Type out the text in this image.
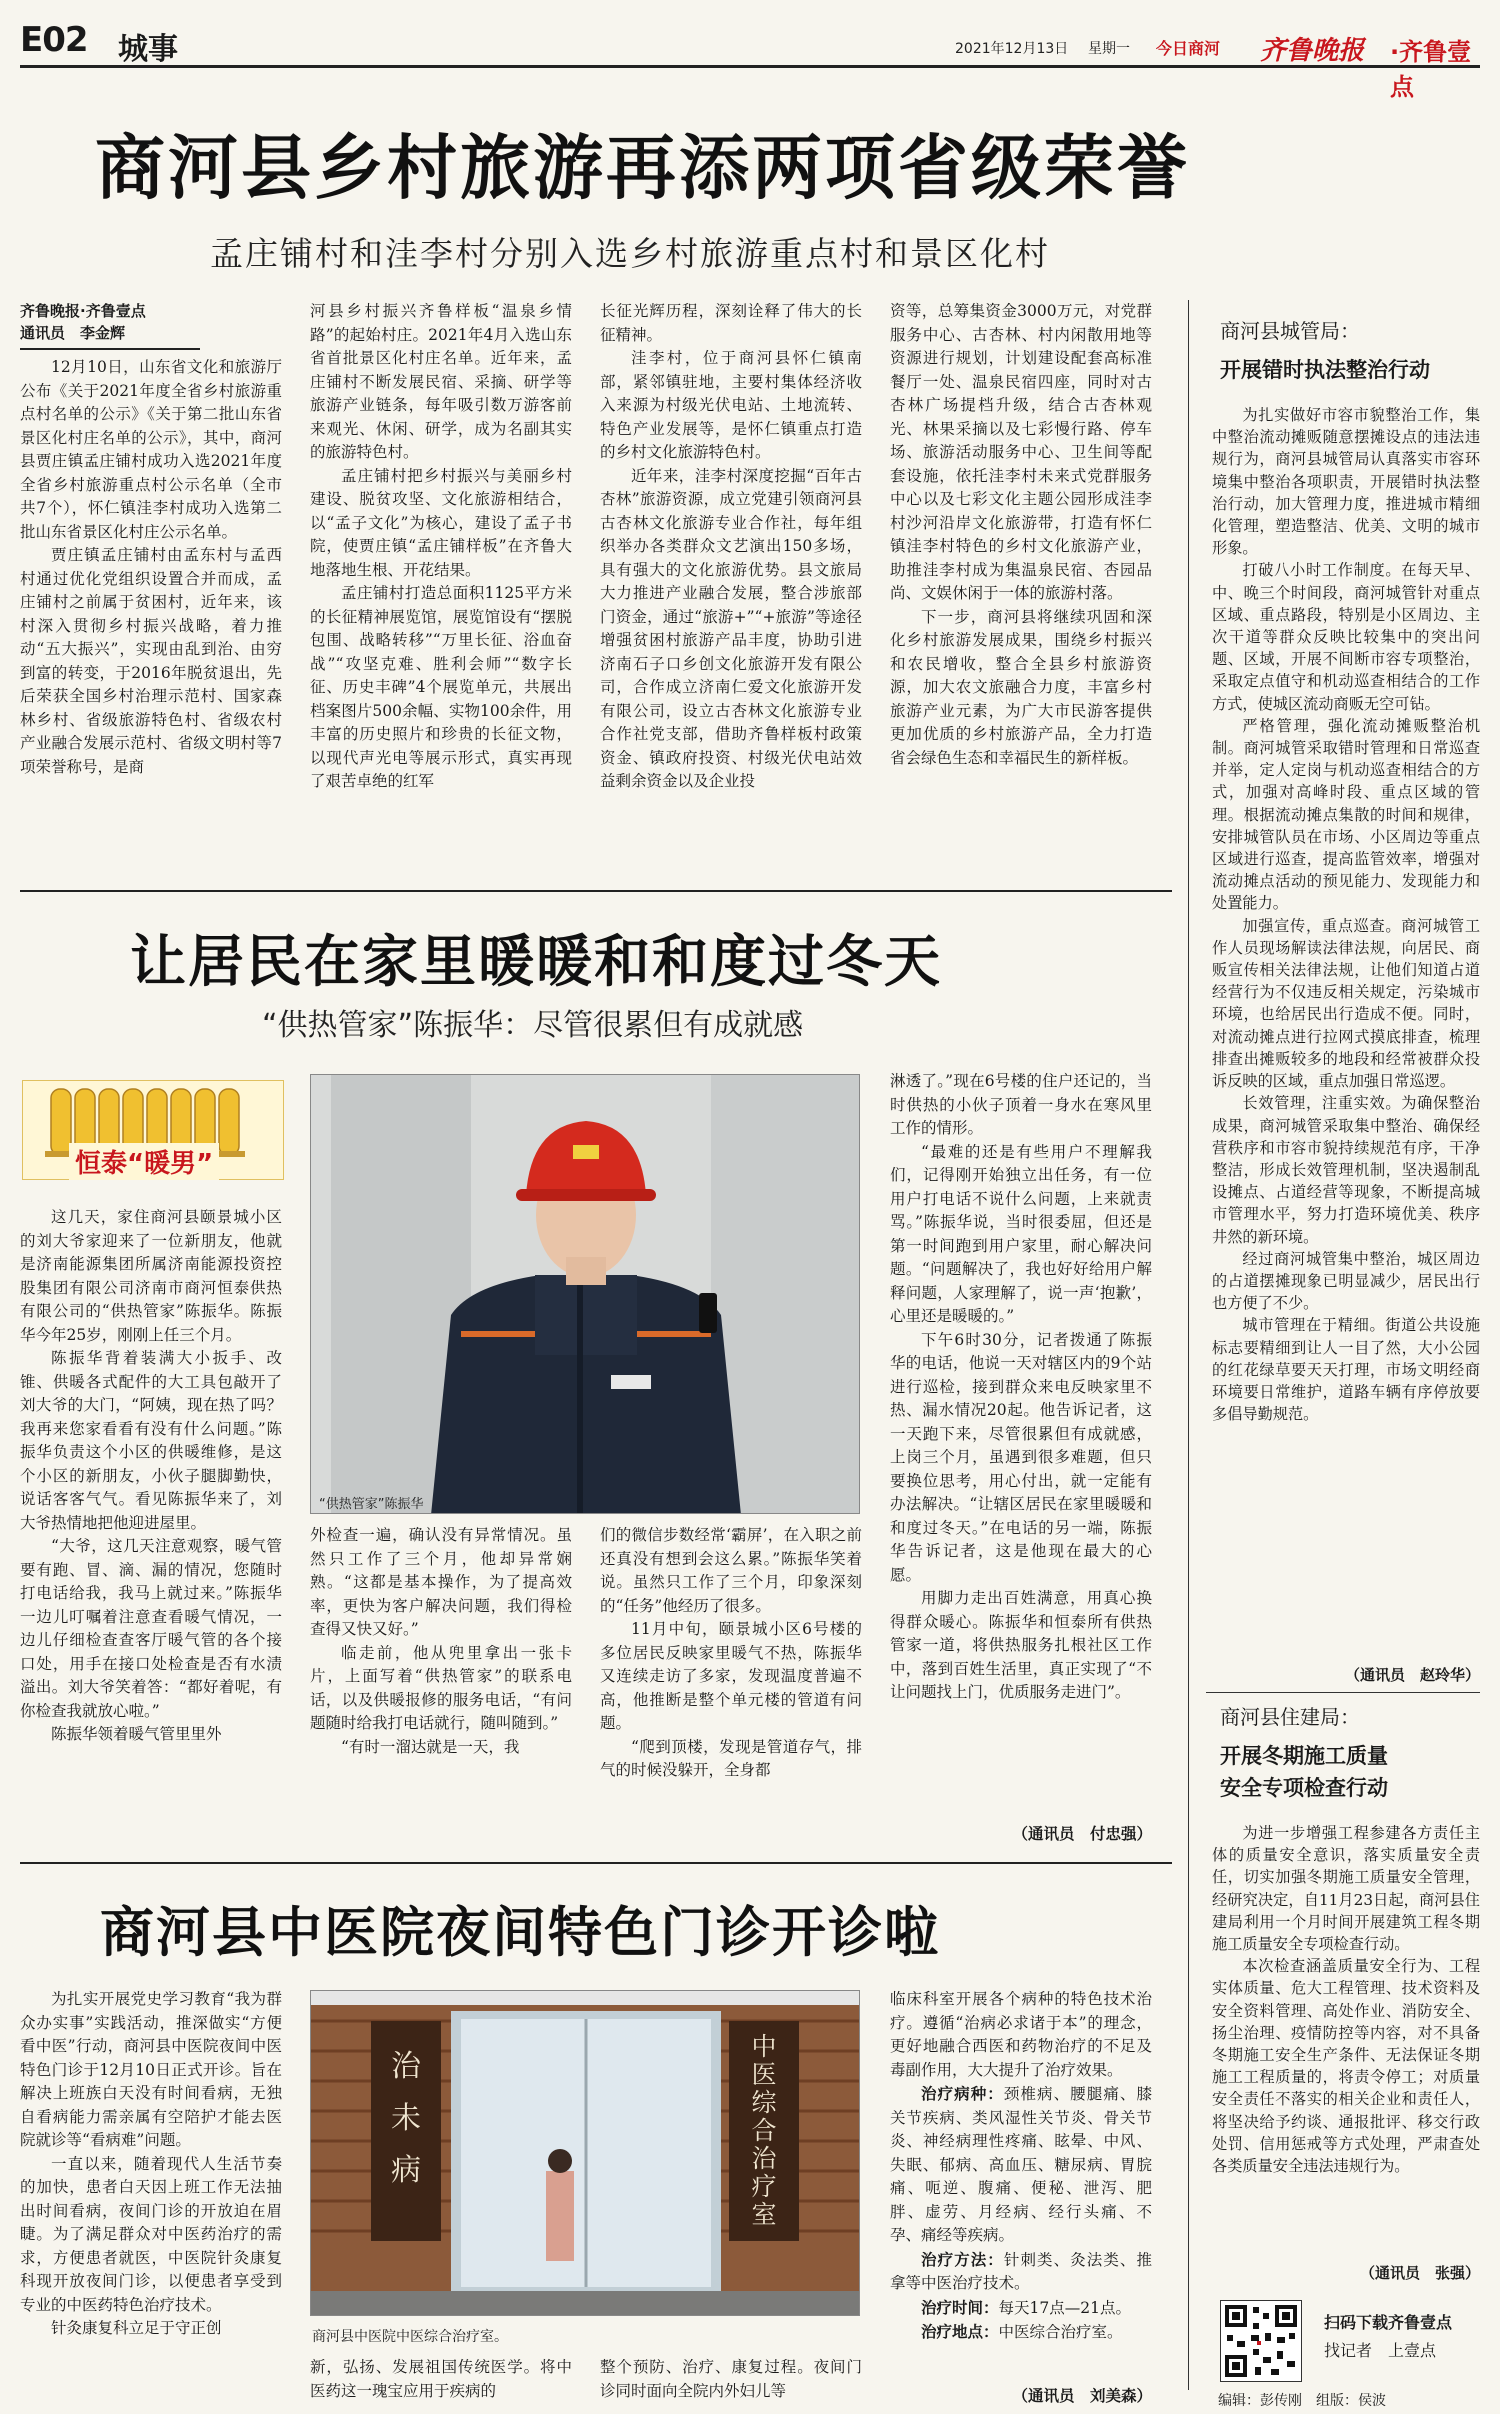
E02 城事	2021年12月13日 星期一 今日商河 齐鲁晚报 ·齐鲁壹点
商河县乡村旅游再添两项省级荣誉
孟庄铺村和洼李村分别入选乡村旅游重点村和景区化村
齐鲁晚报·齐鲁壹点
通讯员　李金辉

12月10日，山东省文化和旅游厅公布《关于2021年度全省乡村旅游重点村名单的公示》《关于第二批山东省景区化村庄名单的公示》，其中，商河县贾庄镇孟庄铺村成功入选2021年度全省乡村旅游重点村公示名单（全市共7个），怀仁镇洼李村成功入选第二批山东省景区化村庄公示名单。

贾庄镇孟庄铺村由孟东村与孟西村通过优化党组织设置合并而成，孟庄铺村之前属于贫困村，近年来，该村深入贯彻乡村振兴战略，着力推动“五大振兴”，实现由乱到治、由穷到富的转变，于2016年脱贫退出，先后荣获全国乡村治理示范村、国家森林乡村、省级旅游特色村、省级农村产业融合发展示范村、省级文明村等7项荣誉称号，是商

河县乡村振兴齐鲁样板“温泉乡情路”的起始村庄。2021年4月入选山东省首批景区化村庄名单。近年来，孟庄铺村不断发展民宿、采摘、研学等旅游产业链条，每年吸引数万游客前来观光、休闲、研学，成为名副其实的旅游特色村。

孟庄铺村把乡村振兴与美丽乡村建设、脱贫攻坚、文化旅游相结合，以“孟子文化”为核心，建设了孟子书院，使贾庄镇“孟庄铺样板”在齐鲁大地落地生根、开花结果。

孟庄铺村打造总面积1125平方米的长征精神展览馆，展览馆设有“摆脱包围、战略转移”“万里长征、浴血奋战”“攻坚克难、胜利会师”“数字长征、历史丰碑”4个展览单元，共展出档案图片500余幅、实物100余件，用丰富的历史照片和珍贵的长征文物，以现代声光电等展示形式，真实再现了艰苦卓绝的红军

长征光辉历程，深刻诠释了伟大的长征精神。

洼李村，位于商河县怀仁镇南部，紧邻镇驻地，主要村集体经济收入来源为村级光伏电站、土地流转、特色产业发展等，是怀仁镇重点打造的乡村文化旅游特色村。

近年来，洼李村深度挖掘“百年古杏林”旅游资源，成立党建引领商河县古杏林文化旅游专业合作社，每年组织举办各类群众文艺演出150多场，具有强大的文化旅游优势。县文旅局大力推进产业融合发展，整合涉旅部门资金，通过“旅游+”“+旅游”等途径增强贫困村旅游产品丰度，协助引进济南石子口乡创文化旅游开发有限公司，合作成立济南仁爱文化旅游开发有限公司，设立古杏林文化旅游专业合作社党支部，借助齐鲁样板村政策资金、镇政府投资、村级光伏电站效益剩余资金以及企业投

资等，总筹集资金3000万元，对党群服务中心、古杏林、村内闲散用地等资源进行规划，计划建设配套高标准餐厅一处、温泉民宿四座，同时对古杏林广场提档升级，结合古杏林观光、林果采摘以及七彩慢行路、停车场、旅游活动服务中心、卫生间等配套设施，依托洼李村未来式党群服务中心以及七彩文化主题公园形成洼李村沙河沿岸文化旅游带，打造有怀仁镇洼李村特色的乡村文化旅游产业，助推洼李村成为集温泉民宿、杏园品尚、文娱休闲于一体的旅游村落。

下一步，商河县将继续巩固和深化乡村旅游发展成果，围绕乡村振兴和农民增收，整合全县乡村旅游资源，加大农文旅融合力度，丰富乡村旅游产业元素，为广大市民游客提供更加优质的乡村旅游产品，全力打造省会绿色生态和幸福民生的新样板。

让居民在家里暖暖和和度过冬天
“供热管家”陈振华：尽管很累但有成就感
恒泰“暖男”

这几天，家住商河县颐景城小区的刘大爷家迎来了一位新朋友，他就是济南能源集团所属济南能源投资控股集团有限公司济南市商河恒泰供热有限公司的“供热管家”陈振华。陈振华今年25岁，刚刚上任三个月。

陈振华背着装满大小扳手、改锥、供暖各式配件的大工具包敲开了刘大爷的大门，“阿姨，现在热了吗？我再来您家看看有没有什么问题。”陈振华负责这个小区的供暖维修，是这个小区的新朋友，小伙子腿脚勤快，说话客客气气。看见陈振华来了，刘大爷热情地把他迎进屋里。

“大爷，这几天注意观察，暖气管要有跑、冒、滴、漏的情况，您随时打电话给我，我马上就过来。”陈振华一边儿叮嘱着注意查看暖气情况，一边儿仔细检查查客厅暖气管的各个接口处，用手在接口处检查是否有水渍溢出。刘大爷笑着答：“都好着呢，有你检查我就放心啦。”

陈振华领着暖气管里里外

“供热管家”陈振华

外检查一遍，确认没有异常情况。虽然只工作了三个月，他却异常娴熟。“这都是基本操作，为了提高效率，更快为客户解决问题，我们得检查得又快又好。”

临走前，他从兜里拿出一张卡片，上面写着“供热管家”的联系电话，以及供暖报修的服务电话，“有问题随时给我打电话就行，随叫随到。”

“有时一溜达就是一天，我

们的微信步数经常‘霸屏’，在入职之前还真没有想到会这么累。”陈振华笑着说。虽然只工作了三个月，印象深刻的“任务”他经历了很多。

11月中旬，颐景城小区6号楼的多位居民反映家里暖气不热，陈振华又连续走访了多家，发现温度普遍不高，他推断是整个单元楼的管道有问题。

“爬到顶楼，发现是管道存气，排气的时候没躲开，全身都

淋透了。”现在6号楼的住户还记的，当时供热的小伙子顶着一身水在寒风里工作的情形。

“最难的还是有些用户不理解我们，记得刚开始独立出任务，有一位用户打电话不说什么问题，上来就责骂。”陈振华说，当时很委屈，但还是第一时间跑到用户家里，耐心解决问题。“问题解决了，我也好好给用户解释问题，人家理解了，说一声‘抱歉’，心里还是暖暖的。”

下午6时30分，记者拨通了陈振华的电话，他说一天对辖区内的9个站进行巡检，接到群众来电反映家里不热、漏水情况20起。他告诉记者，这一天跑下来，尽管很累但有成就感，上岗三个月，虽遇到很多难题，但只要换位思考，用心付出，就一定能有办法解决。“让辖区居民在家里暖暖和和度过冬天。”在电话的另一端，陈振华告诉记者，这是他现在最大的心愿。

用脚力走出百姓满意，用真心换得群众暖心。陈振华和恒泰所有供热管家一道，将供热服务扎根社区工作中，落到百姓生活里，真正实现了“不让问题找上门，优质服务走进门”。

（通讯员　付忠强）
商河县中医院夜间特色门诊开诊啦

为扎实开展党史学习教育“我为群众办实事”实践活动，推深做实“方便看中医”行动，商河县中医院夜间中医特色门诊于12月10日正式开诊。旨在解决上班族白天没有时间看病，无独自看病能力需亲属有空陪护才能去医院就诊等“看病难”问题。

一直以来，随着现代人生活节奏的加快，患者白天因上班工作无法抽出时间看病，夜间门诊的开放迫在眉睫。为了满足群众对中医药治疗的需求，方便患者就医，中医院针灸康复科现开放夜间门诊，以便患者享受到专业的中医药特色治疗技术。

针灸康复科立足于守正创

治未病
中医综合治疗室
商河县中医院中医综合治疗室。

新，弘扬、发展祖国传统医学。将中医药这一瑰宝应用于疾病的

整个预防、治疗、康复过程。夜间门诊同时面向全院内外妇儿等

临床科室开展各个病种的特色技术治疗。遵循“治病必求诸于本”的理念，更好地融合西医和药物治疗的不足及毒副作用，大大提升了治疗效果。

治疗病种：颈椎病、腰腿痛、膝关节疾病、类风湿性关节炎、骨关节炎、神经病理性疼痛、眩晕、中风、失眠、郁病、高血压、糖尿病、胃脘痛、呃逆、腹痛、便秘、泄泻、肥胖、虚劳、月经病、经行头痛、不孕、痛经等疾病。

治疗方法：针刺类、灸法类、推拿等中医治疗技术。

治疗时间：每天17点—21点。

治疗地点：中医综合治疗室。

（通讯员　刘美森）
商河县城管局：
开展错时执法整治行动

为扎实做好市容市貌整治工作，集中整治流动摊贩随意摆摊设点的违法违规行为，商河县城管局认真落实市容环境集中整治各项职责，开展错时执法整治行动，加大管理力度，推进城市精细化管理，塑造整洁、优美、文明的城市形象。

打破八小时工作制度。在每天早、中、晚三个时间段，商河城管针对重点区域、重点路段，特别是小区周边、主次干道等群众反映比较集中的突出问题、区域，开展不间断市容专项整治，采取定点值守和机动巡查相结合的工作方式，使城区流动商贩无空可钻。

严格管理，强化流动摊贩整治机制。商河城管采取错时管理和日常巡查并举，定人定岗与机动巡查相结合的方式，加强对高峰时段、重点区域的管理。根据流动摊点集散的时间和规律，安排城管队员在市场、小区周边等重点区域进行巡查，提高监管效率，增强对流动摊点活动的预见能力、发现能力和处置能力。

加强宣传，重点巡查。商河城管工作人员现场解读法律法规，向居民、商贩宣传相关法律法规，让他们知道占道经营行为不仅违反相关规定，污染城市环境，也给居民出行造成不便。同时，对流动摊点进行拉网式摸底排查，梳理排查出摊贩较多的地段和经常被群众投诉反映的区域，重点加强日常巡逻。

长效管理，注重实效。为确保整治成果，商河城管采取集中整治、确保经营秩序和市容市貌持续规范有序，干净整洁，形成长效管理机制，坚决遏制乱设摊点、占道经营等现象，不断提高城市管理水平，努力打造环境优美、秩序井然的新环境。

经过商河城管集中整治，城区周边的占道摆摊现象已明显减少，居民出行也方便了不少。

城市管理在于精细。街道公共设施标志要精细到让人一目了然，大小公园的红花绿草要天天打理，市场文明经商环境要日常维护，道路车辆有序停放要多倡导勤规范。

（通讯员　赵玲华）
商河县住建局：
开展冬期施工质量
安全专项检查行动

为进一步增强工程参建各方责任主体的质量安全意识，落实质量安全责任，切实加强冬期施工质量安全管理，经研究决定，自11月23日起，商河县住建局利用一个月时间开展建筑工程冬期施工质量安全专项检查行动。

本次检查涵盖质量安全行为、工程实体质量、危大工程管理、技术资料及安全资料管理、高处作业、消防安全、扬尘治理、疫情防控等内容，对不具备冬期施工安全生产条件、无法保证冬期施工工程质量的，将责令停工；对质量安全责任不落实的相关企业和责任人，将坚决给予约谈、通报批评、移交行政处罚、信用惩戒等方式处理，严肃查处各类质量安全违法违规行为。

（通讯员　张强）
扫码下载齐鲁壹点
找记者　上壹点
编辑：彭传刚　组版：侯波
